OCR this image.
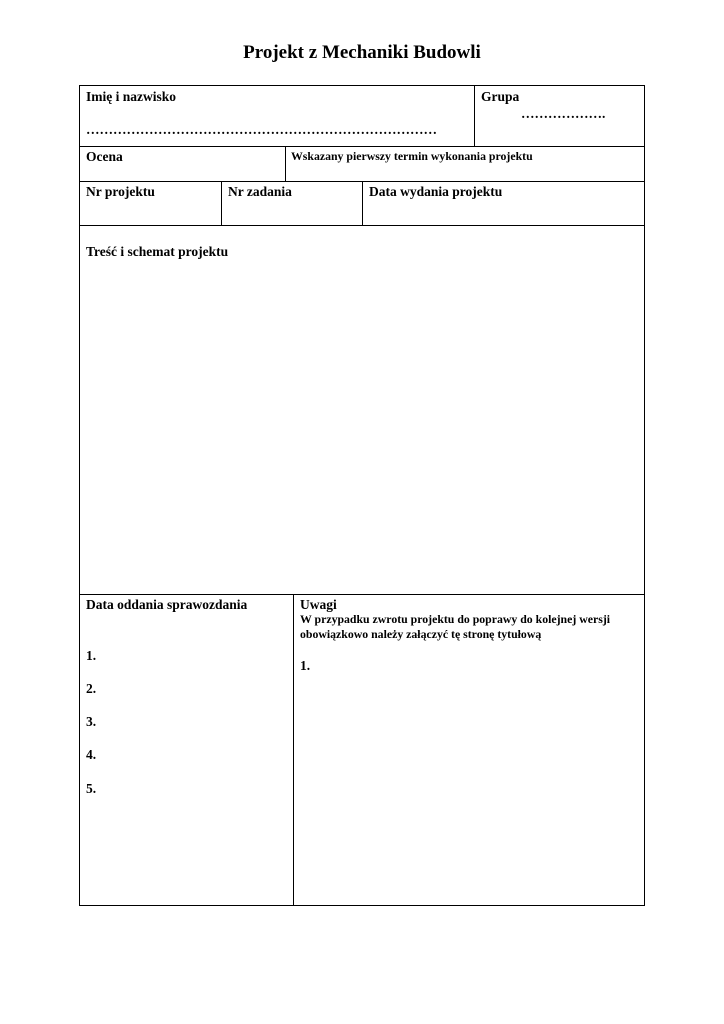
Projekt z Mechaniki Budowli
Imię i nazwisko
……………………………………………………………………
Grupa
……………….
Ocena	Wskazany pierwszy termin wykonania projektu
Nr projektu	Nr zadania	Data wydania projektu
Treść i schemat projektu
Data oddania sprawozdania
1.
2.
3.
4.
5.
Uwagi
W przypadku zwrotu projektu do poprawy do kolejnej wersji
obowiązkowo należy załączyć tę stronę tytułową
1.
